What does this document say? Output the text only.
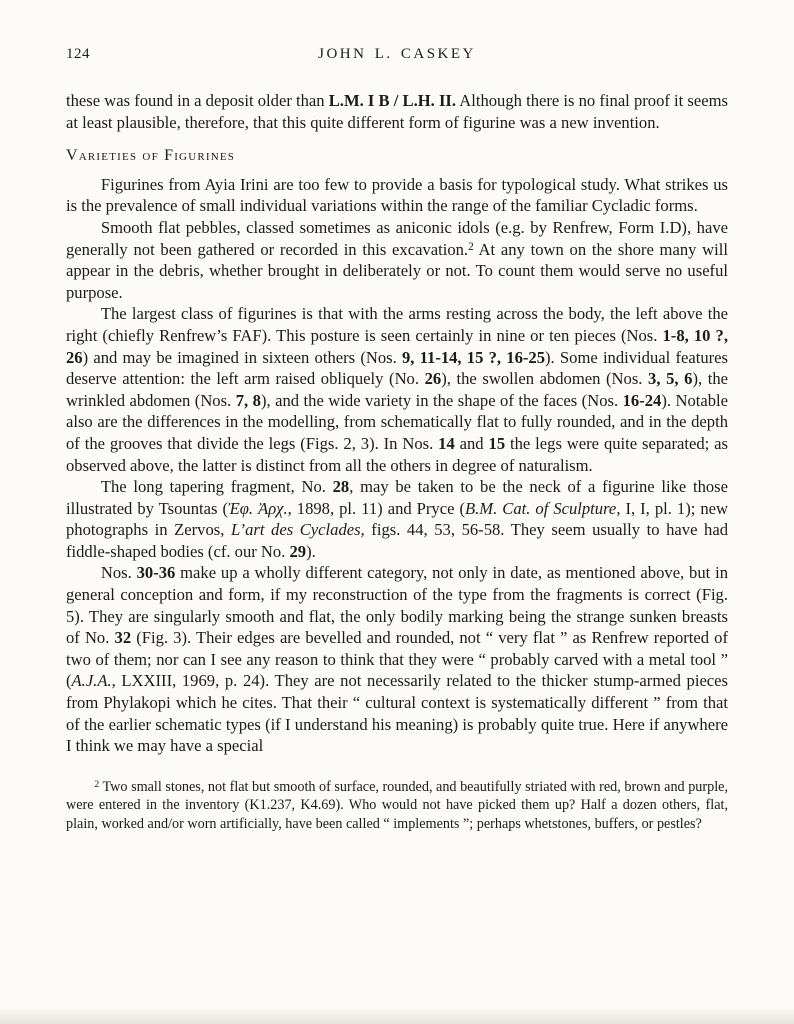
124	JOHN L. CASKEY

these was found in a deposit older than L.M. I B / L.H. II. Although there is no final proof it seems at least plausible, therefore, that this quite different form of figurine was a new invention.

Varieties of Figurines

Figurines from Ayia Irini are too few to provide a basis for typological study. What strikes us is the prevalence of small individual variations within the range of the familiar Cycladic forms.

Smooth flat pebbles, classed sometimes as aniconic idols (e.g. by Renfrew, Form I.D), have generally not been gathered or recorded in this excavation.$^2$ At any town on the shore many will appear in the debris, whether brought in deliberately or not. To count them would serve no useful purpose.

The largest class of figurines is that with the arms resting across the body, the left above the right (chiefly Renfrew’s FAF). This posture is seen certainly in nine or ten pieces (Nos. 1-8, 10 ?, 26) and may be imagined in sixteen others (Nos. 9, 11-14, 15 ?, 16-25). Some individual features deserve attention: the left arm raised obliquely (No. 26), the swollen abdomen (Nos. 3, 5, 6), the wrinkled abdomen (Nos. 7, 8), and the wide variety in the shape of the faces (Nos. 16-24). Notable also are the differences in the modelling, from schematically flat to fully rounded, and in the depth of the grooves that divide the legs (Figs. 2, 3). In Nos. 14 and 15 the legs were quite separated; as observed above, the latter is distinct from all the others in degree of naturalism.

The long tapering fragment, No. 28, may be taken to be the neck of a figurine like those illustrated by Tsountas (Ἐφ. Ἀρχ., 1898, pl. 11) and Pryce (B.M. Cat. of Sculpture, I, I, pl. 1); new photographs in Zervos, L’art des Cyclades, figs. 44, 53, 56-58. They seem usually to have had fiddle-shaped bodies (cf. our No. 29).

Nos. 30-36 make up a wholly different category, not only in date, as mentioned above, but in general conception and form, if my reconstruction of the type from the fragments is correct (Fig. 5). They are singularly smooth and flat, the only bodily marking being the strange sunken breasts of No. 32 (Fig. 3). Their edges are bevelled and rounded, not “ very flat ” as Renfrew reported of two of them; nor can I see any reason to think that they were “ probably carved with a metal tool ” (A.J.A., LXXIII, 1969, p. 24). They are not necessarily related to the thicker stump-armed pieces from Phylakopi which he cites. That their “ cultural context is systematically different ” from that of the earlier schematic types (if I understand his meaning) is probably quite true. Here if anywhere I think we may have a special

$^2$ Two small stones, not flat but smooth of surface, rounded, and beautifully striated with red, brown and purple, were entered in the inventory (K1.237, K4.69). Who would not have picked them up? Half a dozen others, flat, plain, worked and/or worn artificially, have been called “ implements ”; perhaps whetstones, buffers, or pestles?
